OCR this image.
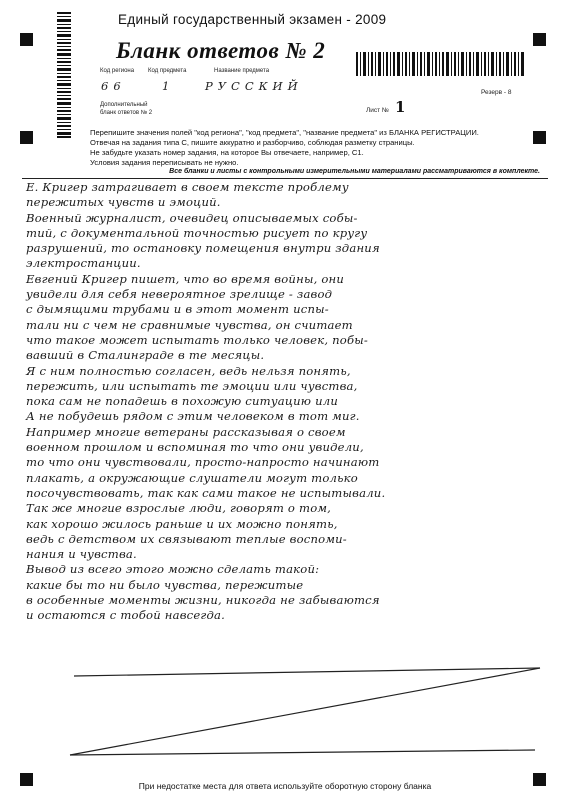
Единый государственный экзамен - 2009
Бланк ответов № 2
Код региона Код предмета	Название предмета
66	1	РУССКИЙ	Резерв - 8
Дополнительный
бланк ответов № 2	Лист № 1
Перепишите значения полей "код региона", "код предмета", "название предмета" из БЛАНКА РЕГИСТРАЦИИ.
Отвечая на задания типа С, пишите аккуратно и разборчиво, соблюдая разметку страницы.
Не забудьте указать номер задания, на которое Вы отвечаете, например, С1.
Условия задания переписывать не нужно.
Все бланки и листы с контрольными измерительными материалами рассматриваются в комплекте.

Е. Кригер затрагивает в своем тексте проблему

пережитых чувств и эмоций.

Военный журналист, очевидец описываемых собы-

тий, с документальной точностью рисует по кругу

разрушений, то остановку помещения внутри здания

электростанции.

Евгений Кригер пишет, что во время войны, они

увидели для себя невероятное зрелище - завод

с дымящими трубами и в этот момент испы-

тали ни с чем не сравнимые чувства, он считает

что такое может испытать только человек, побы-

вавший в Сталинграде в те месяцы.

Я с ним полностью согласен, ведь нельзя понять,

пережить, или испытать те эмоции или чувства,

пока сам не попадешь в похожую ситуацию или

А не побудешь рядом с этим человеком в тот миг.

Например многие ветераны рассказывая о своем

военном прошлом и вспоминая то что они увидели,

то что они чувствовали, просто-напросто начинают

плакать, а окружающие слушатели могут только

посочувствовать, так как сами такое не испытывали.

Так же многие взрослые люди, говорят о том,

как хорошо жилось раньше и их можно понять,

ведь с детством их связывают теплые воспоми-

нания и чувства.

Вывод из всего этого можно сделать такой:

какие бы то ни было чувства, пережитые

в особенные моменты жизни, никогда не забываются

и остаются с тобой навсегда.

При недостатке места для ответа используйте оборотную сторону бланка
